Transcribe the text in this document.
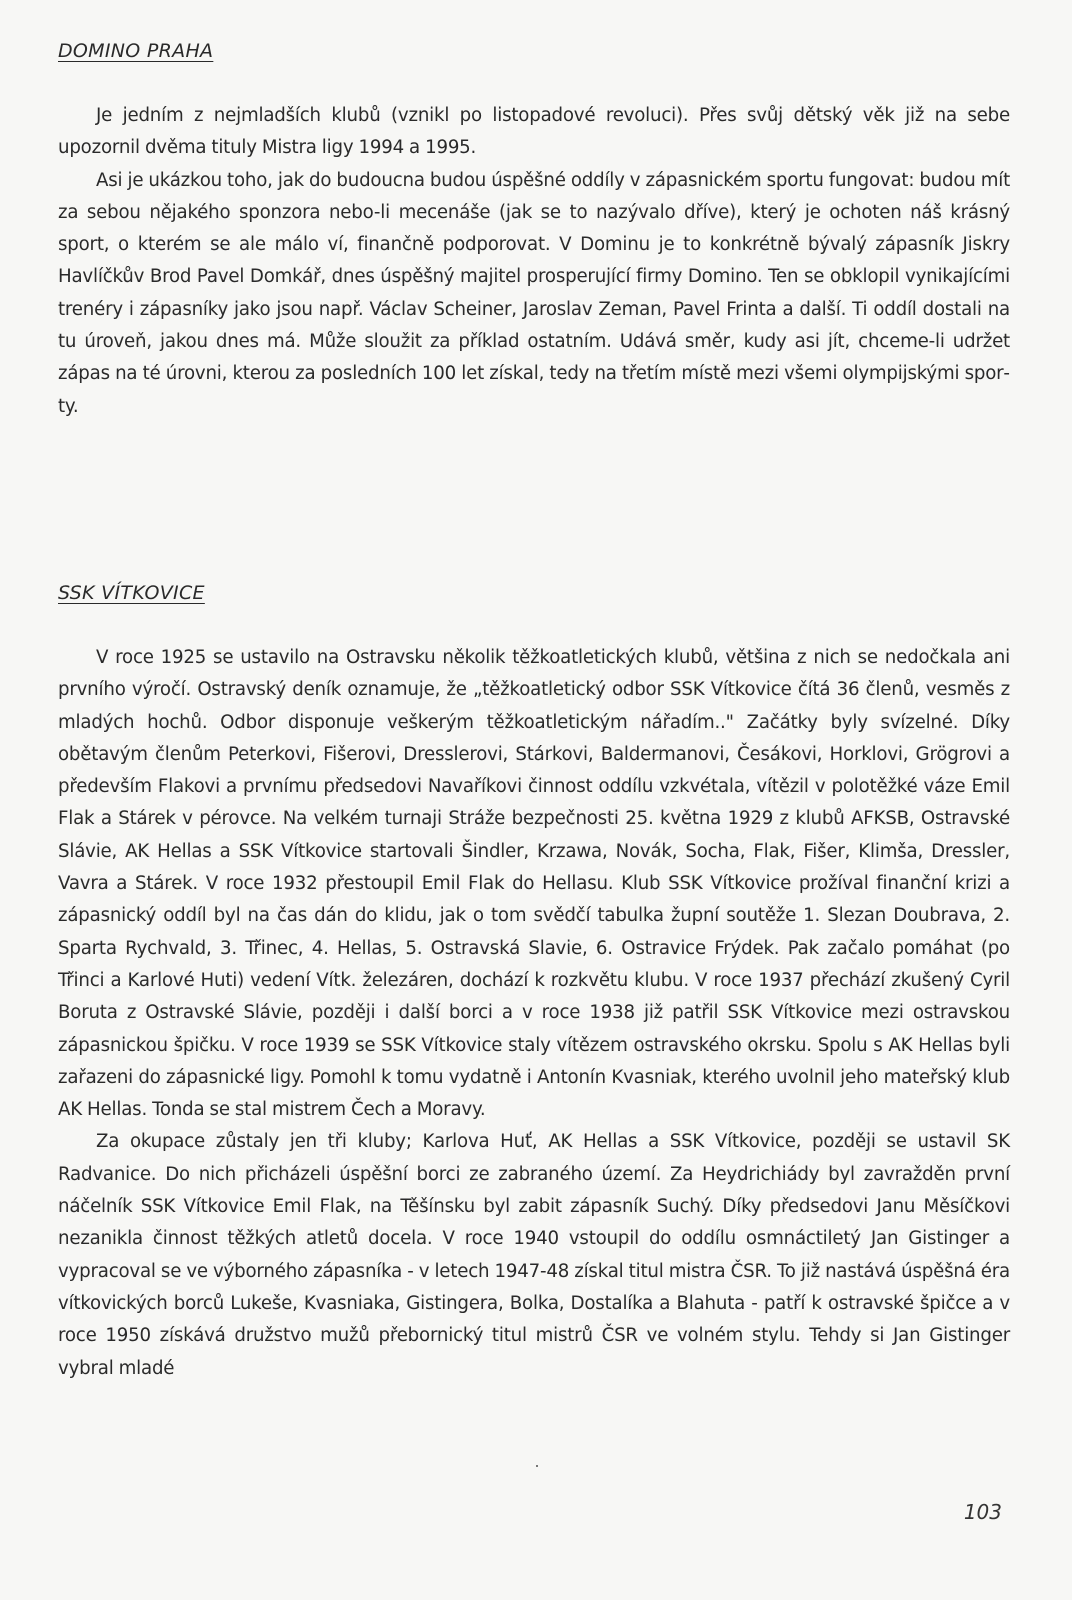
DOMINO PRAHA

Je jedním z nejmladších klubů (vznikl po listopadové revoluci). Přes svůj dětský věk již na sebe upozornil dvěma tituly Mistra ligy 1994 a 1995.

Asi je ukázkou toho, jak do budoucna budou úspěšné oddíly v zápasnickém sportu fungovat: budou mít za sebou nějakého sponzora nebo-li mecenáše (jak se to nazývalo dříve), který je ochoten náš krásný sport, o kterém se ale málo ví, finančně podporovat. V Dominu je to konkrétně bývalý zápasník Jiskry Havlíčkův Brod Pavel Domkář, dnes úspěšný majitel prosperující firmy Domino. Ten se obklopil vynikajícími trenéry i zápasníky jako jsou např. Václav Scheiner, Jaroslav Zeman, Pavel Frinta a další. Ti oddíl dostali na tu úroveň, jakou dnes má. Může sloužit za příklad ostatním. Udává směr, kudy asi jít, chceme-li udržet zápas na té úrovni, kterou za posledních 100 let získal, tedy na třetím místě mezi všemi olympijskými sporty.

SSK VÍTKOVICE

V roce 1925 se ustavilo na Ostravsku několik těžkoatletických klubů, většina z nich se nedočkala ani prvního výročí. Ostravský deník oznamuje, že „těžkoatletický odbor SSK Vítkovice čítá 36 členů, vesměs z mladých hochů. Odbor disponuje veškerým těžkoatletickým nářadím.." Začátky byly svízelné. Díky obětavým členům Peterkovi, Fišerovi, Dresslerovi, Stárkovi, Baldermanovi, Česákovi, Horklovi, Grögrovi a především Flakovi a prvnímu předsedovi Navaříkovi činnost oddílu vzkvétala, vítězil v polotěžké váze Emil Flak a Stárek v pérovce. Na velkém turnaji Stráže bezpečnosti 25. května 1929 z klubů AFKSB, Ostravské Slávie, AK Hellas a SSK Vítkovice startovali Šindler, Krzawa, Novák, Socha, Flak, Fišer, Klimša, Dressler, Vavra a Stárek. V roce 1932 přestoupil Emil Flak do Hellasu. Klub SSK Vítkovice prožíval finanční krizi a zápasnický oddíl byl na čas dán do klidu, jak o tom svědčí tabulka župní soutěže 1. Slezan Doubrava, 2. Sparta Rychvald, 3. Třinec, 4. Hellas, 5. Ostravská Slavie, 6. Ostravice Frýdek. Pak začalo pomáhat (po Třinci a Karlové Huti) vedení Vítk. železáren, dochází k rozkvětu klubu. V roce 1937 přechází zkušený Cyril Boruta z Ostravské Slávie, později i další borci a v roce 1938 již patřil SSK Vítkovice mezi ostravskou zápasnickou špičku. V roce 1939 se SSK Vítkovice staly vítězem ostravského okrsku. Spolu s AK Hellas byli zařazeni do zápasnické ligy. Pomohl k tomu vydatně i Antonín Kvasniak, kterého uvolnil jeho mateřský klub AK Hellas. Tonda se stal mistrem Čech a Moravy.

Za okupace zůstaly jen tři kluby; Karlova Huť, AK Hellas a SSK Vítkovice, později se ustavil SK Radvanice. Do nich přicházeli úspěšní borci ze zabraného území. Za Heydrichiády byl zavražděn první náčelník SSK Vítkovice Emil Flak, na Těšínsku byl zabit zápasník Suchý. Díky předsedovi Janu Měsíčkovi nezanikla činnost těžkých atletů docela. V roce 1940 vstoupil do oddílu osmnáctiletý Jan Gistinger a vypracoval se ve výborného zápasníka - v letech 1947-48 získal titul mistra ČSR. To již nastává úspěšná éra vítkovických borců Lukeše, Kvasniaka, Gistingera, Bolka, Dostalíka a Blahuta - patří k ostravské špičce a v roce 1950 získává družstvo mužů přebornický titul mistrů ČSR ve volném stylu. Tehdy si Jan Gistinger vybral mladé

103
